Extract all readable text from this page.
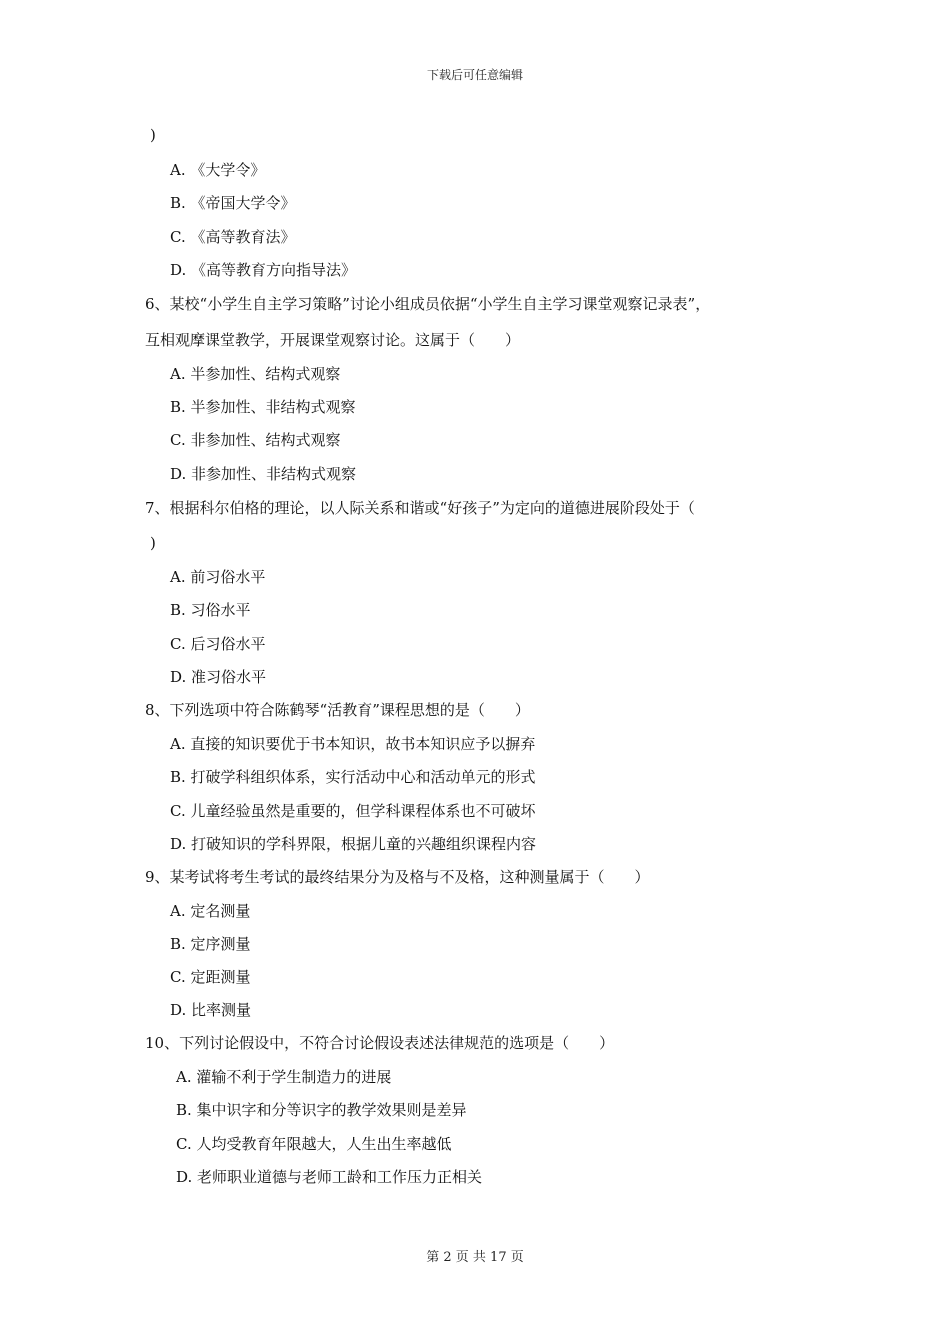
下载后可任意编辑
)
A. 《大学令》
B. 《帝国大学令》
C. 《高等教育法》
D. 《高等教育方向指导法》
6、某校“小学生自主学习策略”讨论小组成员依据“小学生自主学习课堂观察记录表”，
互相观摩课堂教学，开展课堂观察讨论。这属于（　　）
A. 半参加性、结构式观察
B. 半参加性、非结构式观察
C. 非参加性、结构式观察
D. 非参加性、非结构式观察
7、根据科尔伯格的理论，以人际关系和谐或“好孩子”为定向的道德进展阶段处于（
)
A. 前习俗水平
B. 习俗水平
C. 后习俗水平
D. 准习俗水平
8、下列选项中符合陈鹤琴“活教育”课程思想的是（　　）
A. 直接的知识要优于书本知识，故书本知识应予以摒弃
B. 打破学科组织体系，实行活动中心和活动单元的形式
C. 儿童经验虽然是重要的，但学科课程体系也不可破坏
D. 打破知识的学科界限，根据儿童的兴趣组织课程内容
9、某考试将考生考试的最终结果分为及格与不及格，这种测量属于（　　）
A. 定名测量
B. 定序测量
C. 定距测量
D. 比率测量
10、下列讨论假设中，不符合讨论假设表述法律规范的选项是（　　）
A. 灌输不利于学生制造力的进展
B. 集中识字和分等识字的教学效果则是差异
C. 人均受教育年限越大，人生出生率越低
D. 老师职业道德与老师工龄和工作压力正相关
第 2 页 共 17 页
